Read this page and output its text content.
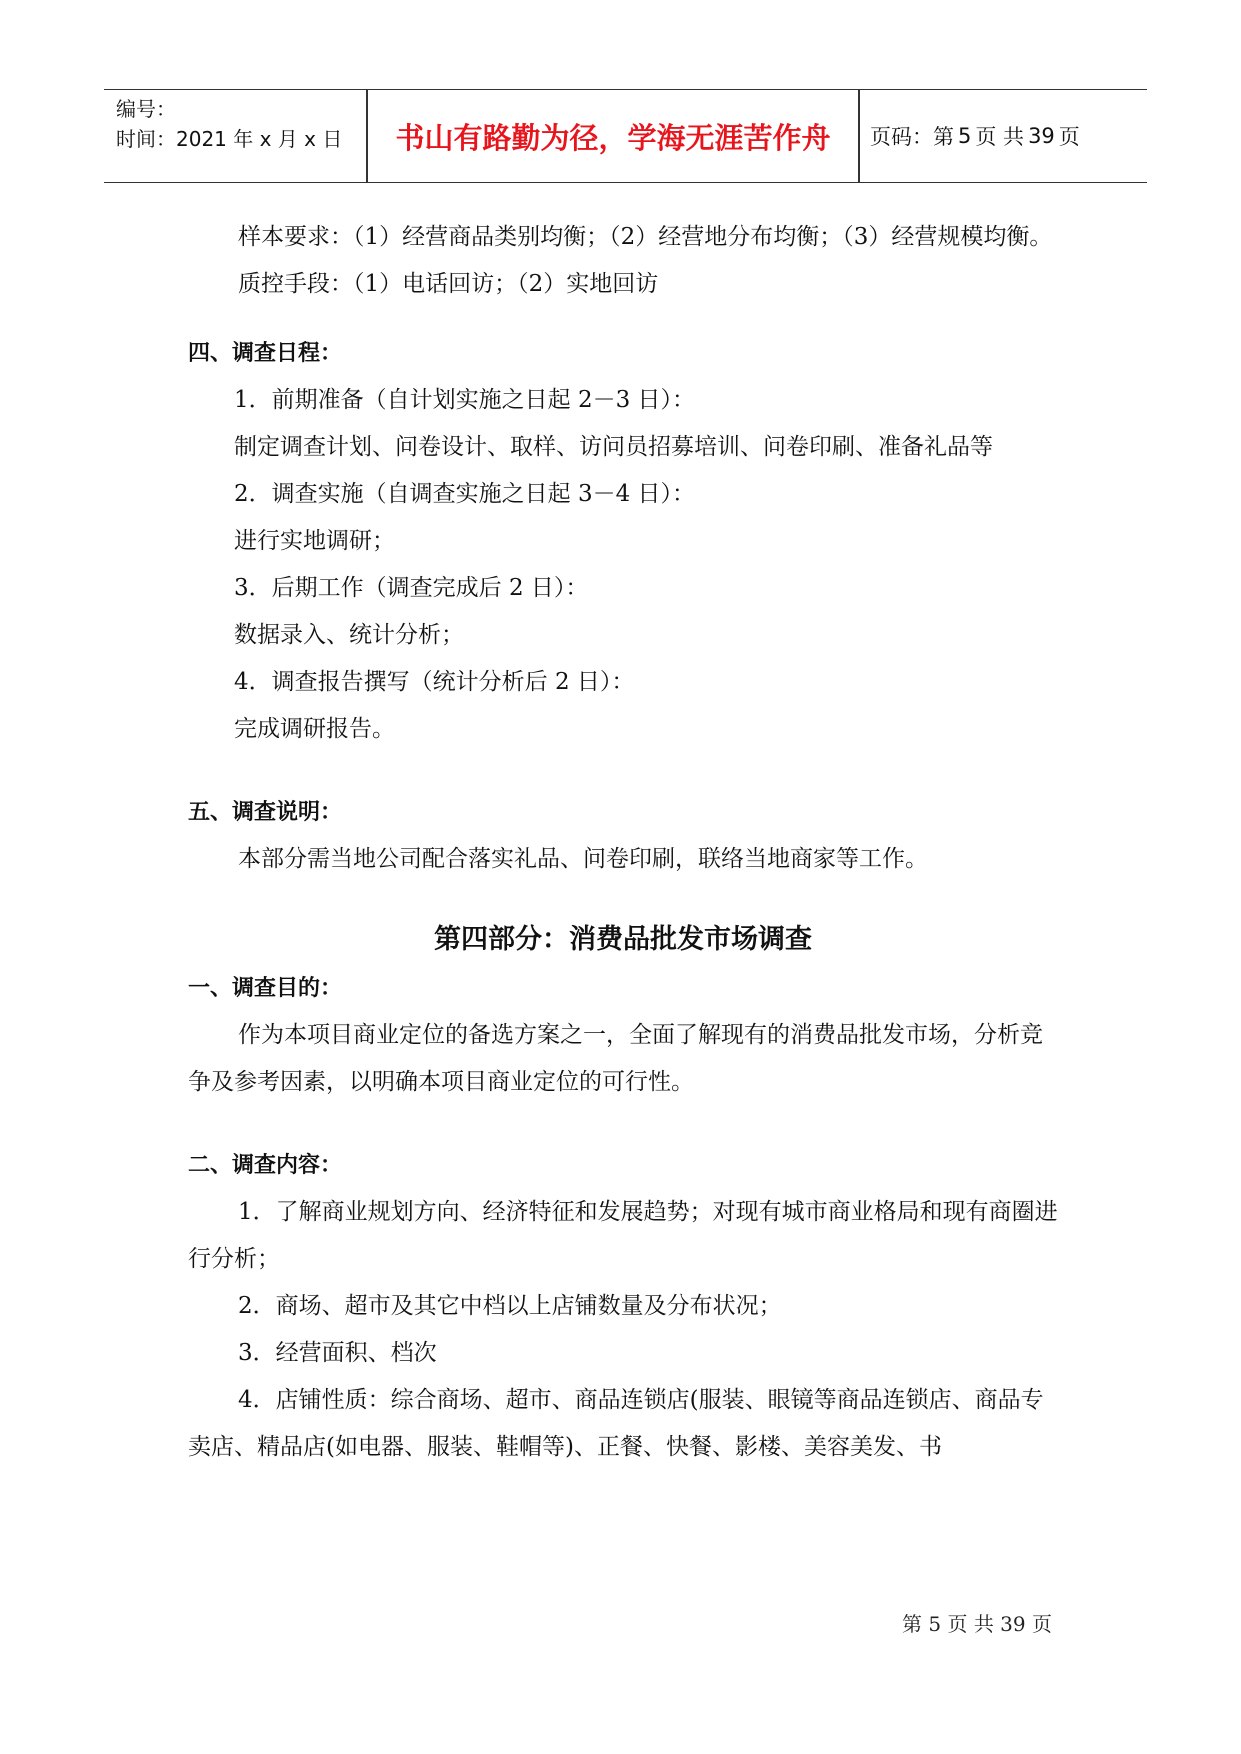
编号：
时间：2021 年 x 月 x 日	书山有路勤为径，学海无涯苦作舟	页码：第 5 页 共 39 页

样本要求：（1）经营商品类别均衡；（2）经营地分布均衡；（3）经营规模均衡。

质控手段：（1）电话回访；（2）实地回访

四、调查日程：

1．前期准备（自计划实施之日起 2－3 日）：

制定调查计划、问卷设计、取样、访问员招募培训、问卷印刷、准备礼品等

2．调查实施（自调查实施之日起 3－4 日）：

进行实地调研；

3．后期工作（调查完成后 2 日）：

数据录入、统计分析；

4．调查报告撰写（统计分析后 2 日）：

完成调研报告。

五、调查说明：

本部分需当地公司配合落实礼品、问卷印刷，联络当地商家等工作。

第四部分：消费品批发市场调查
一、调查目的：

作为本项目商业定位的备选方案之一，全面了解现有的消费品批发市场，分析竞争及参考因素，以明确本项目商业定位的可行性。

二、调查内容：

1．了解商业规划方向、经济特征和发展趋势；对现有城市商业格局和现有商圈进行分析；

2．商场、超市及其它中档以上店铺数量及分布状况；

3．经营面积、档次

4．店铺性质：综合商场、超市、商品连锁店(服装、眼镜等商品连锁店、商品专卖店、精品店(如电器、服装、鞋帽等)、正餐、快餐、影楼、美容美发、书

第 5 页 共 39 页
